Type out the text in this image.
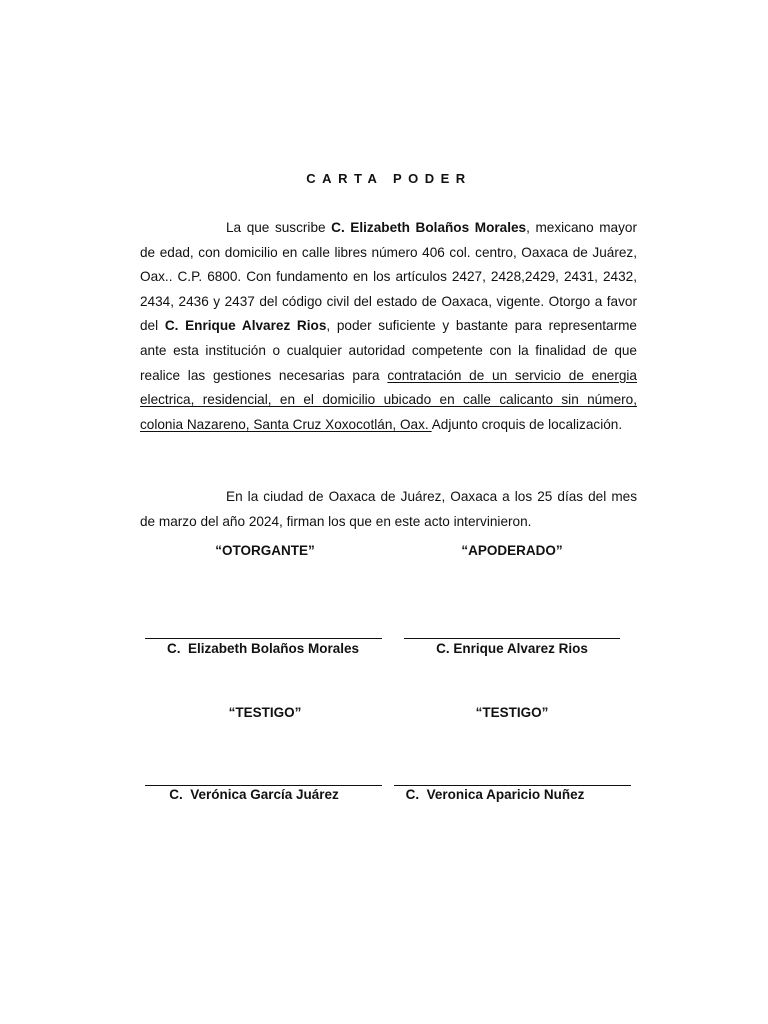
CARTA PODER
La que suscribe C. Elizabeth Bolaños Morales, mexicano mayor de edad, con domicilio en calle libres número 406 col. centro, Oaxaca de Juárez, Oax.. C.P. 6800. Con fundamento en los artículos 2427, 2428,2429, 2431, 2432, 2434, 2436 y 2437 del código civil del estado de Oaxaca, vigente. Otorgo a favor del C. Enrique Alvarez Rios, poder suficiente y bastante para representarme ante esta institución o cualquier autoridad competente con la finalidad de que realice las gestiones necesarias para contratación de un servicio de energia electrica, residencial, en el domicilio ubicado en calle calicanto sin número, colonia Nazareno, Santa Cruz Xoxocotlán, Oax. Adjunto croquis de localización.
En la ciudad de Oaxaca de Juárez, Oaxaca a los 25 días del mes de marzo del año 2024, firman los que en este acto intervinieron.
“OTORGANTE”	“APODERADO”
C.  Elizabeth Bolaños Morales	C. Enrique Alvarez Rios
“TESTIGO”	“TESTIGO”
C.  Verónica García Juárez	C.  Veronica Aparicio Nuñez
